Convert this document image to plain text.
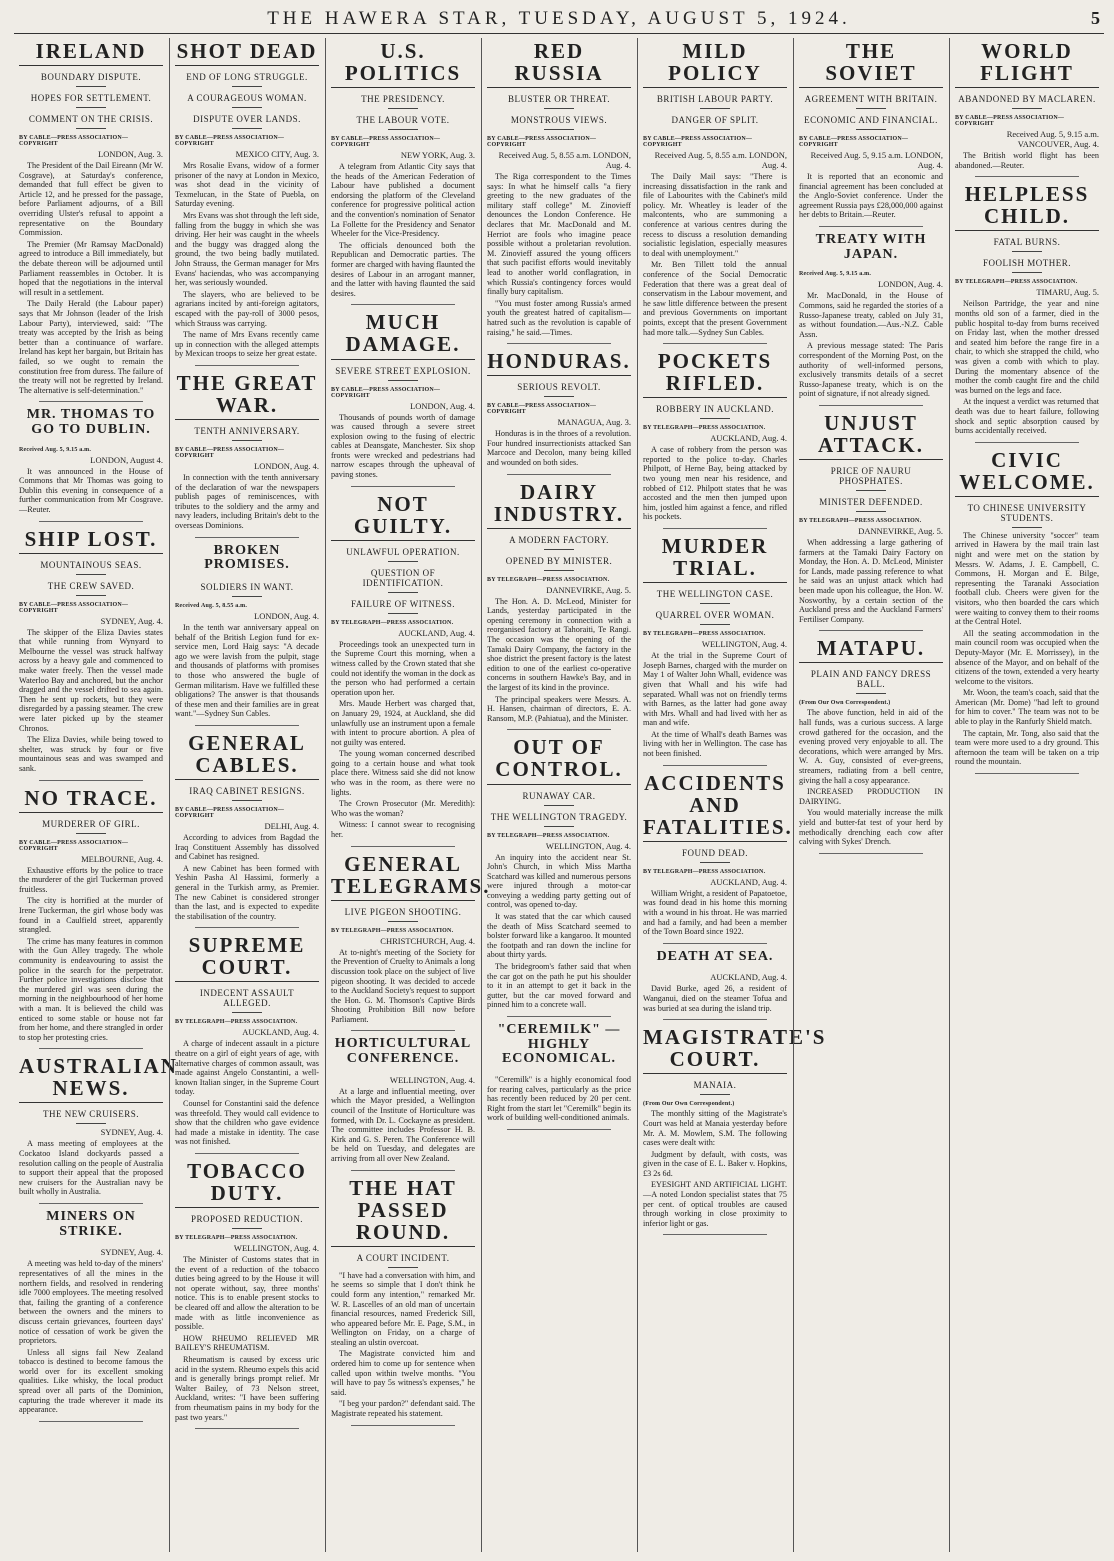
THE HAWERA STAR, TUESDAY, AUGUST 5, 1924.	5
IRELAND
BOUNDARY DISPUTE.
HOPES FOR SETTLEMENT.
COMMENT ON THE CRISIS.
BY CABLE—PRESS ASSOCIATION—COPYRIGHT
LONDON, Aug. 3.

The President of the Dail Eireann (Mr W. Cosgrave), at Saturday's conference, demanded that full effect be given to Article 12, and he pressed for the passage, before Parliament adjourns, of a Bill overriding Ulster's refusal to appoint a representative on the Boundary Commission.

The Premier (Mr Ramsay MacDonald) agreed to introduce a Bill immediately, but the debate thereon will be adjourned until Parliament reassembles in October. It is hoped that the negotiations in the interval will result in a settlement.

The Daily Herald (the Labour paper) says that Mr Johnson (leader of the Irish Labour Party), interviewed, said: "The treaty was accepted by the Irish as being better than a continuance of warfare. Ireland has kept her bargain, but Britain has failed, so we ought to remain the constitution free from duress. The failure of the treaty will not be regretted by Ireland. The alternative is self-determination."

MR. THOMAS TO GO TO DUBLIN.
Received Aug. 5, 9.15 a.m.
LONDON, August 4.

It was announced in the House of Commons that Mr Thomas was going to Dublin this evening in consequence of a further communication from Mr Cosgrave.—Reuter.

SHIP LOST.
MOUNTAINOUS SEAS.
THE CREW SAVED.
BY CABLE—PRESS ASSOCIATION—COPYRIGHT
SYDNEY, Aug. 4.

The skipper of the Eliza Davies states that while running from Wynyard to Melbourne the vessel was struck halfway across by a heavy gale and commenced to make water freely. Then the vessel made Waterloo Bay and anchored, but the anchor dragged and the vessel drifted to sea again. Then he sent up rockets, but they were disregarded by a passing steamer. The crew were later picked up by the steamer Chronos.

The Eliza Davies, while being towed to shelter, was struck by four or five mountainous seas and was swamped and sank.

NO TRACE.
MURDERER OF GIRL.
BY CABLE—PRESS ASSOCIATION—COPYRIGHT
MELBOURNE, Aug. 4.

Exhaustive efforts by the police to trace the murderer of the girl Tuckerman proved fruitless.

The city is horrified at the murder of Irene Tuckerman, the girl whose body was found in a Caulfield street, apparently strangled.

The crime has many features in common with the Gun Alley tragedy. The whole community is endeavouring to assist the police in the search for the perpetrator. Further police investigations disclose that the murdered girl was seen during the morning in the neighbourhood of her home with a man. It is believed the child was enticed to some stable or house not far from her home, and there strangled in order to stop her protesting cries.

AUSTRALIAN NEWS.
THE NEW CRUISERS.
SYDNEY, Aug. 4.

A mass meeting of employees at the Cockatoo Island dockyards passed a resolution calling on the people of Australia to support their appeal that the proposed new cruisers for the Australian navy be built wholly in Australia.

MINERS ON STRIKE.
SYDNEY, Aug. 4.

A meeting was held to-day of the miners' representatives of all the mines in the northern fields, and resolved in rendering idle 7000 employees. The meeting resolved that, failing the granting of a conference between the owners and the miners to discuss certain grievances, fourteen days' notice of cessation of work be given the proprietors.

Unless all signs fail New Zealand tobacco is destined to become famous the world over for its excellent smoking qualities. Like whisky, the local product spread over all parts of the Dominion, capturing the trade wherever it made its appearance.

SHOT DEAD
END OF LONG STRUGGLE.
A COURAGEOUS WOMAN.
DISPUTE OVER LANDS.
BY CABLE—PRESS ASSOCIATION—COPYRIGHT
MEXICO CITY, Aug. 3.

Mrs Rosalie Evans, widow of a former prisoner of the navy at London in Mexico, was shot dead in the vicinity of Texmelucan, in the State of Puebla, on Saturday evening.

Mrs Evans was shot through the left side, falling from the buggy in which she was driving. Her heir was caught in the wheels and the buggy was dragged along the ground, the two being badly mutilated. John Strauss, the German manager for Mrs Evans' haciendas, who was accompanying her, was seriously wounded.

The slayers, who are believed to be agrarians incited by anti-foreign agitators, escaped with the pay-roll of 3000 pesos, which Strauss was carrying.

The name of Mrs Evans recently came up in connection with the alleged attempts by Mexican troops to seize her great estate.

THE GREAT WAR.
TENTH ANNIVERSARY.
BY CABLE—PRESS ASSOCIATION—COPYRIGHT
LONDON, Aug. 4.

In connection with the tenth anniversary of the declaration of war the newspapers publish pages of reminiscences, with tributes to the soldiery and the army and navy leaders, including Britain's debt to the overseas Dominions.

BROKEN PROMISES.
SOLDIERS IN WANT.
Received Aug. 5, 8.55 a.m.
LONDON, Aug. 4.

In the tenth war anniversary appeal on behalf of the British Legion fund for ex-service men, Lord Haig says: "A decade ago we were lavish from the pulpit, stage and thousands of platforms with promises to those who answered the bugle of German militarism. Have we fulfilled these obligations? The answer is that thousands of these men and their families are in great want."—Sydney Sun Cables.

GENERAL CABLES.
IRAQ CABINET RESIGNS.
BY CABLE—PRESS ASSOCIATION—COPYRIGHT
DELHI, Aug. 4.

According to advices from Bagdad the Iraq Constituent Assembly has dissolved and Cabinet has resigned.

A new Cabinet has been formed with Yeshin Pasha Al Hassimi, formerly a general in the Turkish army, as Premier. The new Cabinet is considered stronger than the last, and is expected to expedite the stabilisation of the country.

SUPREME COURT.
INDECENT ASSAULT ALLEGED.
BY TELEGRAPH—PRESS ASSOCIATION.
AUCKLAND, Aug. 4.

A charge of indecent assault in a picture theatre on a girl of eight years of age, with alternative charges of common assault, was made against Angelo Constantini, a well-known Italian singer, in the Supreme Court today.

Counsel for Constantini said the defence was threefold. They would call evidence to show that the children who gave evidence had made a mistake in identity. The case was not finished.

TOBACCO DUTY.
PROPOSED REDUCTION.
BY TELEGRAPH—PRESS ASSOCIATION.
WELLINGTON, Aug. 4.

The Minister of Customs states that in the event of a reduction of the tobacco duties being agreed to by the House it will not operate without, say, three months' notice. This is to enable present stocks to be cleared off and allow the alteration to be made with as little inconvenience as possible.

HOW RHEUMO RELIEVED MR BAILEY'S RHEUMATISM.

Rheumatism is caused by excess uric acid in the system. Rheumo expels this acid and is generally brings prompt relief. Mr Walter Bailey, of 73 Nelson street, Auckland, writes: "I have been suffering from rheumatism pains in my body for the past two years."

U.S. POLITICS
THE PRESIDENCY.
THE LABOUR VOTE.
BY CABLE—PRESS ASSOCIATION—COPYRIGHT
NEW YORK, Aug. 3.

A telegram from Atlantic City says that the heads of the American Federation of Labour have published a document endorsing the platform of the Cleveland conference for progressive political action and the convention's nomination of Senator La Follette for the Presidency and Senator Wheeler for the Vice-Presidency.

The officials denounced both the Republican and Democratic parties. The former are charged with having flaunted the desires of Labour in an arrogant manner, and the latter with having flaunted the said desires.

MUCH DAMAGE.
SEVERE STREET EXPLOSION.
BY CABLE—PRESS ASSOCIATION—COPYRIGHT
LONDON, Aug. 4.

Thousands of pounds worth of damage was caused through a severe street explosion owing to the fusing of electric cables at Deansgate, Manchester. Six shop fronts were wrecked and pedestrians had narrow escapes through the upheaval of paving stones.

NOT GUILTY.
UNLAWFUL OPERATION.
QUESTION OF IDENTIFICATION.
FAILURE OF WITNESS.
BY TELEGRAPH—PRESS ASSOCIATION.
AUCKLAND, Aug. 4.

Proceedings took an unexpected turn in the Supreme Court this morning, when a witness called by the Crown stated that she could not identify the woman in the dock as the person who had performed a certain operation upon her.

Mrs. Maude Herbert was charged that, on January 29, 1924, at Auckland, she did unlawfully use an instrument upon a female with intent to procure abortion. A plea of not guilty was entered.

The young woman concerned described going to a certain house and what took place there. Witness said she did not know who was in the room, as there were no lights.

The Crown Prosecutor (Mr. Meredith): Who was the woman?

Witness: I cannot swear to recognising her.

GENERAL TELEGRAMS.
LIVE PIGEON SHOOTING.
BY TELEGRAPH—PRESS ASSOCIATION.
CHRISTCHURCH, Aug. 4.

At to-night's meeting of the Society for the Prevention of Cruelty to Animals a long discussion took place on the subject of live pigeon shooting. It was decided to accede to the Auckland Society's request to support the Hon. G. M. Thomson's Captive Birds Shooting Prohibition Bill now before Parliament.

HORTICULTURAL CONFERENCE.
WELLINGTON, Aug. 4.

At a large and influential meeting, over which the Mayor presided, a Wellington council of the Institute of Horticulture was formed, with Dr. L. Cockayne as president. The committee includes Professor H. B. Kirk and G. S. Peren. The Conference will be held on Tuesday, and delegates are arriving from all over New Zealand.

THE HAT PASSED ROUND.
A COURT INCIDENT.

"I have had a conversation with him, and he seems so simple that I don't think he could form any intention," remarked Mr. W. R. Lascelles of an old man of uncertain financial resources, named Frederick Sill, who appeared before Mr. E. Page, S.M., in Wellington on Friday, on a charge of stealing an ulstin overcoat.

The Magistrate convicted him and ordered him to come up for sentence when called upon within twelve months. "You will have to pay 5s witness's expenses," he said.

"I beg your pardon?" defendant said. The Magistrate repeated his statement.

RED RUSSIA
BLUSTER OR THREAT.
MONSTROUS VIEWS.
BY CABLE—PRESS ASSOCIATION—COPYRIGHT
Received Aug. 5, 8.55 a.m. LONDON, Aug. 4.

The Riga correspondent to the Times says: In what he himself calls "a fiery greeting to the new graduates of the military staff college" M. Zinovieff denounces the London Conference. He declares that Mr. MacDonald and M. Herriot are fools who imagine peace possible without a proletarian revolution. M. Zinovieff assured the young officers that such pacifist efforts would inevitably lead to another world conflagration, in which Russia's contingency forces would finally bury capitalism.

"You must foster among Russia's armed youth the greatest hatred of capitalism—hatred such as the revolution is capable of raising," he said.—Times.

HONDURAS.
SERIOUS REVOLT.
BY CABLE—PRESS ASSOCIATION—COPYRIGHT
MANAGUA, Aug. 3.

Honduras is in the throes of a revolution. Four hundred insurrectionists attacked San Marcoce and Decolon, many being killed and wounded on both sides.

DAIRY INDUSTRY.
A MODERN FACTORY.
OPENED BY MINISTER.
BY TELEGRAPH—PRESS ASSOCIATION.
DANNEVIRKE, Aug. 5.

The Hon. A. D. McLeod, Minister for Lands, yesterday participated in the opening ceremony in connection with a reorganised factory at Tahoraiti, Te Rangi. The occasion was the opening of the Tamaki Dairy Company, the factory in the shoe district the present factory is the latest edition to one of the earliest co-operative concerns in southern Hawke's Bay, and in the largest of its kind in the province.

The principal speakers were Messrs. A. H. Hansen, chairman of directors, E. A. Ransom, M.P. (Pahiatua), and the Minister.

OUT OF CONTROL.
RUNAWAY CAR.
THE WELLINGTON TRAGEDY.
BY TELEGRAPH—PRESS ASSOCIATION.
WELLINGTON, Aug. 4.

An inquiry into the accident near St. John's Church, in which Miss Martha Scatchard was killed and numerous persons were injured through a motor-car conveying a wedding party getting out of control, was opened to-day.

It was stated that the car which caused the death of Miss Scatchard seemed to bolster forward like a kangaroo. It mounted the footpath and ran down the incline for about thirty yards.

The bridegroom's father said that when the car got on the path he put his shoulder to it in an attempt to get it back in the gutter, but the car moved forward and pinned him to a concrete wall.

"CEREMILK" — HIGHLY ECONOMICAL.

"Ceremilk" is a highly economical food for rearing calves, particularly as the price has recently been reduced by 20 per cent. Right from the start let "Ceremilk" begin its work of building well-conditioned animals.

MILD POLICY
BRITISH LABOUR PARTY.
DANGER OF SPLIT.
BY CABLE—PRESS ASSOCIATION—COPYRIGHT
Received Aug. 5, 8.55 a.m. LONDON, Aug. 4.

The Daily Mail says: "There is increasing dissatisfaction in the rank and file of Labourites with the Cabinet's mild policy. Mr. Wheatley is leader of the malcontents, who are summoning a conference at various centres during the recess to discuss a resolution demanding socialistic legislation, especially measures to deal with unemployment."

Mr. Ben Tillett told the annual conference of the Social Democratic Federation that there was a great deal of conservatism in the Labour movement, and he saw little difference between the present and previous Governments on important points, except that the present Government had more talk.—Sydney Sun Cables.

POCKETS RIFLED.
ROBBERY IN AUCKLAND.
BY TELEGRAPH—PRESS ASSOCIATION.
AUCKLAND, Aug. 4.

A case of robbery from the person was reported to the police to-day. Charles Philpott, of Herne Bay, being attacked by two young men near his residence, and robbed of £12. Philpott states that he was accosted and the men then jumped upon him, jostled him against a fence, and rifled his pockets.

MURDER TRIAL.
THE WELLINGTON CASE.
QUARREL OVER WOMAN.
BY TELEGRAPH—PRESS ASSOCIATION.
WELLINGTON, Aug. 4.

At the trial in the Supreme Court of Joseph Barnes, charged with the murder on May 1 of Walter John Whall, evidence was given that Whall and his wife had separated. Whall was not on friendly terms with Barnes, as the latter had gone away with Mrs. Whall and had lived with her as man and wife.

At the time of Whall's death Barnes was living with her in Wellington. The case has not been finished.

ACCIDENTS AND FATALITIES.
FOUND DEAD.
BY TELEGRAPH—PRESS ASSOCIATION.
AUCKLAND, Aug. 4.

William Wright, a resident of Papatoetoe, was found dead in his home this morning with a wound in his throat. He was married and had a family, and had been a member of the Town Board since 1922.

DEATH AT SEA.
AUCKLAND, Aug. 4.

David Burke, aged 26, a resident of Wanganui, died on the steamer Tofua and was buried at sea during the island trip.

MAGISTRATE'S COURT.
MANAIA.
(From Our Own Correspondent.)

The monthly sitting of the Magistrate's Court was held at Manaia yesterday before Mr. A. M. Mowlem, S.M. The following cases were dealt with:

Judgment by default, with costs, was given in the case of E. L. Baker v. Hopkins, £3 2s 6d.

EYESIGHT AND ARTIFICIAL LIGHT.—A noted London specialist states that 75 per cent. of optical troubles are caused through working in close proximity to inferior light or gas.

THE SOVIET
AGREEMENT WITH BRITAIN.
ECONOMIC AND FINANCIAL.
BY CABLE—PRESS ASSOCIATION—COPYRIGHT
Received Aug. 5, 9.15 a.m. LONDON, Aug. 4.

It is reported that an economic and financial agreement has been concluded at the Anglo-Soviet conference. Under the agreement Russia pays £28,000,000 against her debts to Britain.—Reuter.

TREATY WITH JAPAN.
Received Aug. 5, 9.15 a.m.
LONDON, Aug. 4.

Mr. MacDonald, in the House of Commons, said he regarded the stories of a Russo-Japanese treaty, cabled on July 31, as without foundation.—Aus.-N.Z. Cable Assn.

A previous message stated: The Paris correspondent of the Morning Post, on the authority of well-informed persons, exclusively transmits details of a secret Russo-Japanese treaty, which is on the point of signature, if not already signed.

UNJUST ATTACK.
PRICE OF NAURU PHOSPHATES.
MINISTER DEFENDED.
BY TELEGRAPH—PRESS ASSOCIATION.
DANNEVIRKE, Aug. 5.

When addressing a large gathering of farmers at the Tamaki Dairy Factory on Monday, the Hon. A. D. McLeod, Minister for Lands, made passing reference to what he said was an unjust attack which had been made upon his colleague, the Hon. W. Nosworthy, by a certain section of the Auckland press and the Auckland Farmers' Fertiliser Company.

MATAPU.
PLAIN AND FANCY DRESS BALL.
(From Our Own Correspondent.)

The above function, held in aid of the hall funds, was a curious success. A large crowd gathered for the occasion, and the evening proved very enjoyable to all. The decorations, which were arranged by Mrs. W. A. Guy, consisted of ever-greens, streamers, radiating from a bell centre, giving the hall a cosy appearance.

INCREASED PRODUCTION IN DAIRYING.

You would materially increase the milk yield and butter-fat test of your herd by methodically drenching each cow after calving with Sykes' Drench.

WORLD FLIGHT
ABANDONED BY MACLAREN.
BY CABLE—PRESS ASSOCIATION—COPYRIGHT
Received Aug. 5, 9.15 a.m. VANCOUVER, Aug. 4.

The British world flight has been abandoned.—Reuter.

HELPLESS CHILD.
FATAL BURNS.
FOOLISH MOTHER.
BY TELEGRAPH—PRESS ASSOCIATION.
TIMARU, Aug. 5.

Neilson Partridge, the year and nine months old son of a farmer, died in the public hospital to-day from burns received on Friday last, when the mother dressed and seated him before the range fire in a chair, to which she strapped the child, who was given a comb with which to play. During the momentary absence of the mother the comb caught fire and the child was burned on the legs and face.

At the inquest a verdict was returned that death was due to heart failure, following shock and septic absorption caused by burns accidentally received.

CIVIC WELCOME.
TO CHINESE UNIVERSITY STUDENTS.

The Chinese university "soccer" team arrived in Hawera by the mail train last night and were met on the station by Messrs. W. Adams, J. E. Campbell, C. Commons, H. Morgan and E. Bilge, representing the Taranaki Association football club. Cheers were given for the visitors, who then boarded the cars which were waiting to convey them to their rooms at the Central Hotel.

All the seating accommodation in the main council room was occupied when the Deputy-Mayor (Mr. E. Morrissey), in the absence of the Mayor, and on behalf of the citizens of the town, extended a very hearty welcome to the visitors.

Mr. Woon, the team's coach, said that the American (Mr. Dome) "had left to ground for him to cover." The team was not to be able to play in the Ranfurly Shield match.

The captain, Mr. Tong, also said that the team were more used to a dry ground. This afternoon the team will be taken on a trip round the mountain.
